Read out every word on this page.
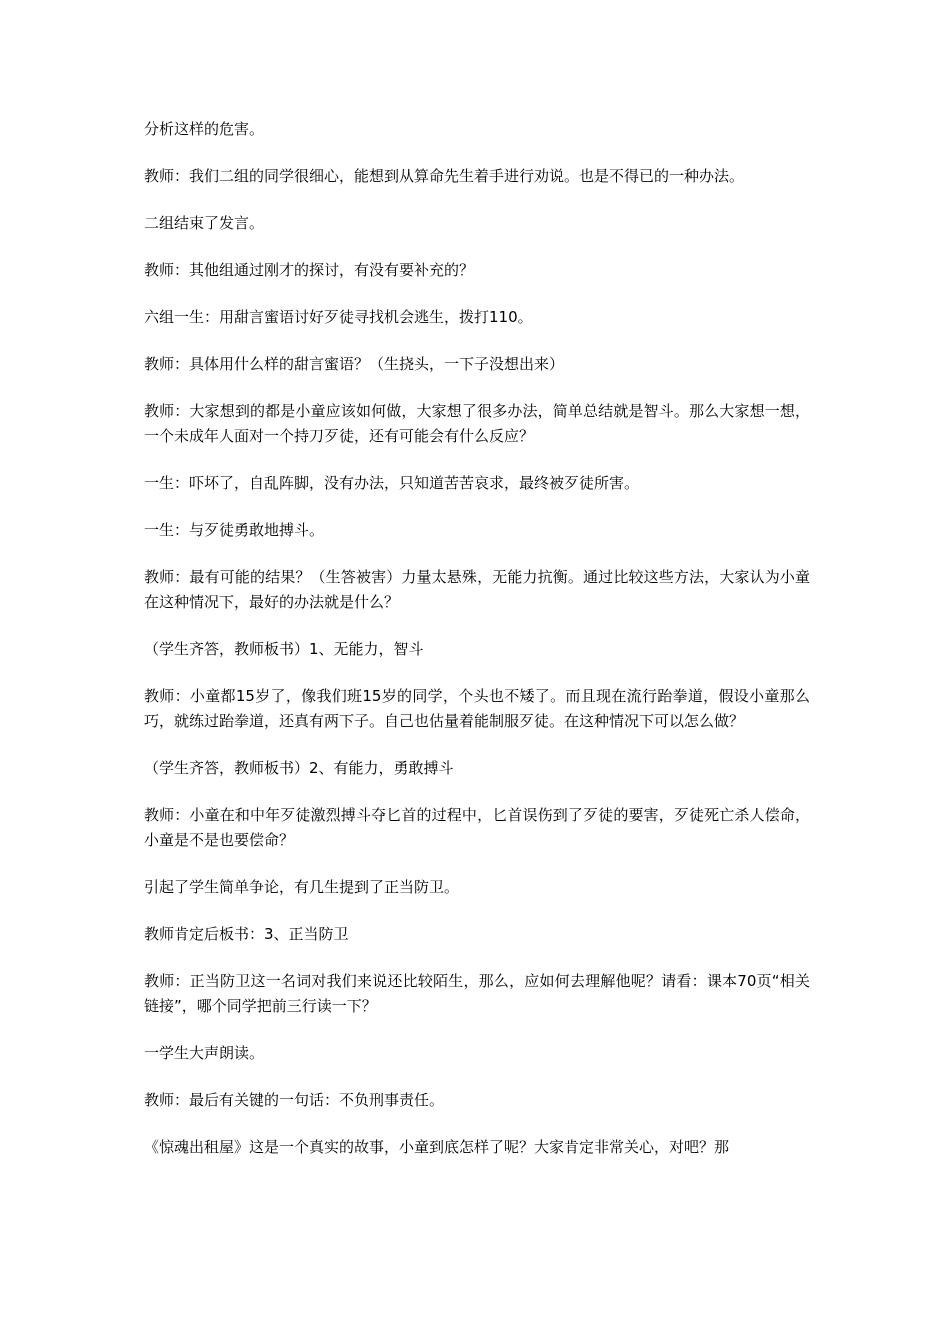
分析这样的危害。

教师：我们二组的同学很细心，能想到从算命先生着手进行劝说。也是不得已的一种办法。

二组结束了发言。

教师：其他组通过刚才的探讨，有没有要补充的？

六组一生：用甜言蜜语讨好歹徒寻找机会逃生，拨打110。

教师：具体用什么样的甜言蜜语？（生挠头，一下子没想出来）

教师：大家想到的都是小童应该如何做，大家想了很多办法，简单总结就是智斗。那么大家想一想，一个未成年人面对一个持刀歹徒，还有可能会有什么反应？

一生：吓坏了，自乱阵脚，没有办法，只知道苦苦哀求，最终被歹徒所害。

一生：与歹徒勇敢地搏斗。

教师：最有可能的结果？（生答被害）力量太悬殊，无能力抗衡。通过比较这些方法，大家认为小童在这种情况下，最好的办法就是什么？

（学生齐答，教师板书）1、无能力，智斗

教师：小童都15岁了，像我们班15岁的同学，个头也不矮了。而且现在流行跆拳道，假设小童那么巧，就练过跆拳道，还真有两下子。自己也估量着能制服歹徒。在这种情况下可以怎么做？

（学生齐答，教师板书）2、有能力，勇敢搏斗

教师：小童在和中年歹徒激烈搏斗夺匕首的过程中，匕首误伤到了歹徒的要害，歹徒死亡杀人偿命，小童是不是也要偿命？

引起了学生简单争论，有几生提到了正当防卫。

教师肯定后板书：3、正当防卫

教师：正当防卫这一名词对我们来说还比较陌生，那么，应如何去理解他呢？请看：课本70页“相关链接”，哪个同学把前三行读一下？

一学生大声朗读。

教师：最后有关键的一句话：不负刑事责任。

《惊魂出租屋》这是一个真实的故事，小童到底怎样了呢？大家肯定非常关心，对吧？那
